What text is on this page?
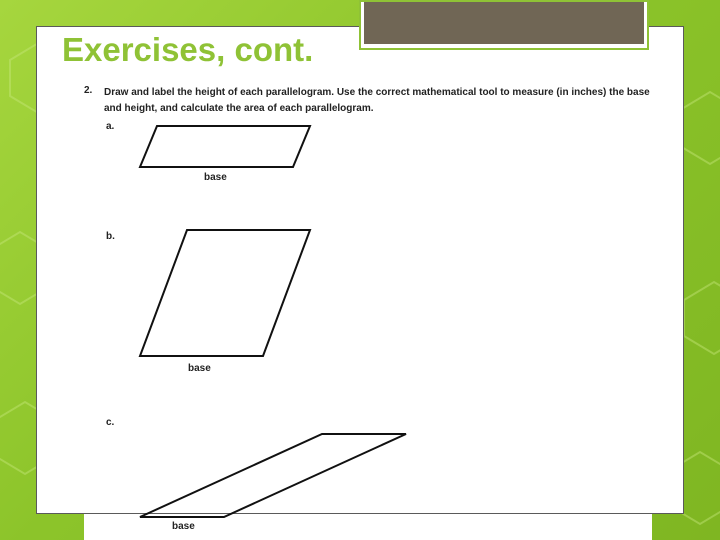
Exercises, cont.
2. Draw and label the height of each parallelogram. Use the correct mathematical tool to measure (in inches) the base
and height, and calculate the area of each parallelogram.
a.
b.
c.
base
base
base
